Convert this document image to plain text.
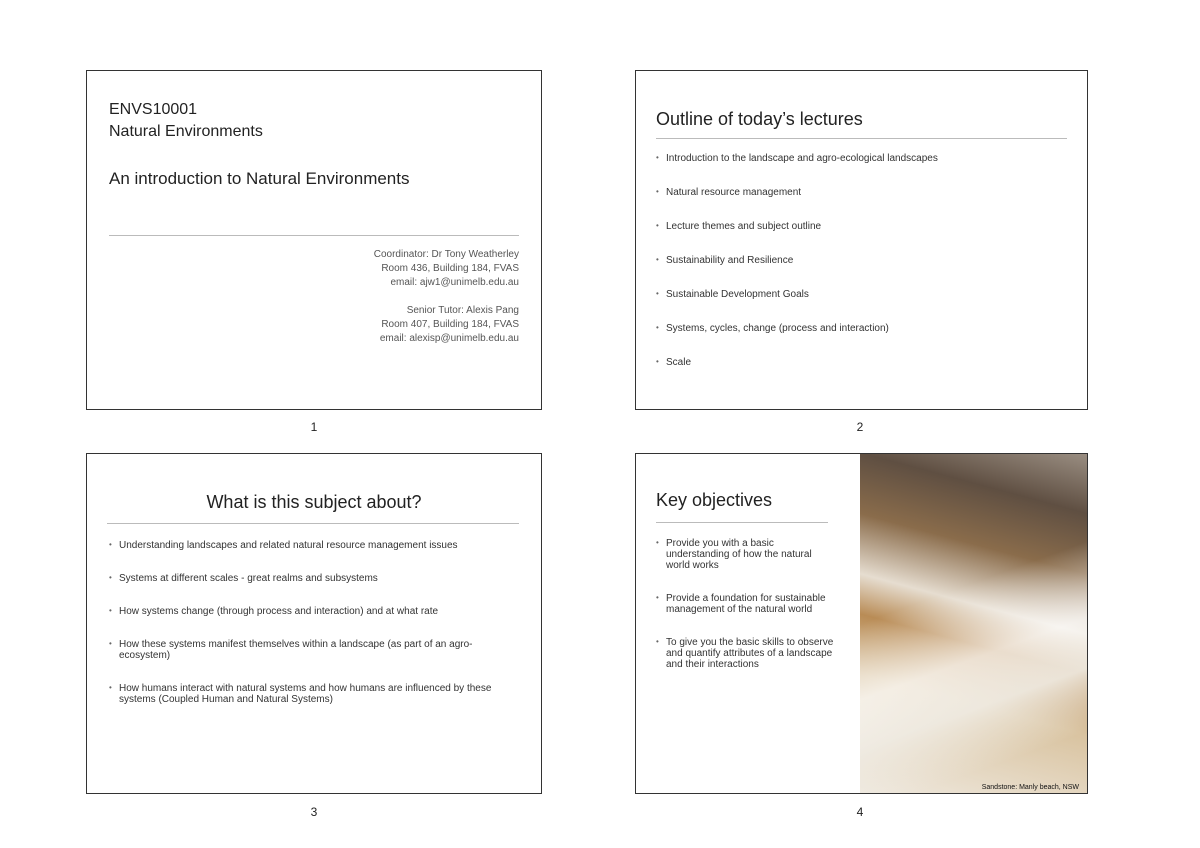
ENVS10001
Natural Environments
An introduction to Natural Environments
Coordinator: Dr Tony Weatherley
Room 436, Building 184, FVAS
email: ajw1@unimelb.edu.au
Senior Tutor: Alexis Pang
Room 407, Building 184, FVAS
email: alexisp@unimelb.edu.au
1
Outline of today’s lectures
• Introduction to the landscape and agro-ecological landscapes
• Natural resource management
• Lecture themes and subject outline
• Sustainability and Resilience
• Sustainable Development Goals
• Systems, cycles, change (process and interaction)
• Scale
2
What is this subject about?
• Understanding landscapes and related natural resource management issues
• Systems at different scales - great realms and subsystems
• How systems change (through process and interaction) and at what rate
• How these systems manifest themselves within a landscape (as part of an agro-ecosystem)
• How humans interact with natural systems and how humans are influenced by these systems (Coupled Human and Natural Systems)
3
Key objectives
• Provide you with a basic understanding of how the natural world works
• Provide a foundation for sustainable management of the natural world
• To give you the basic skills to observe and quantify attributes of a landscape and their interactions
Sandstone: Manly beach, NSW
4
